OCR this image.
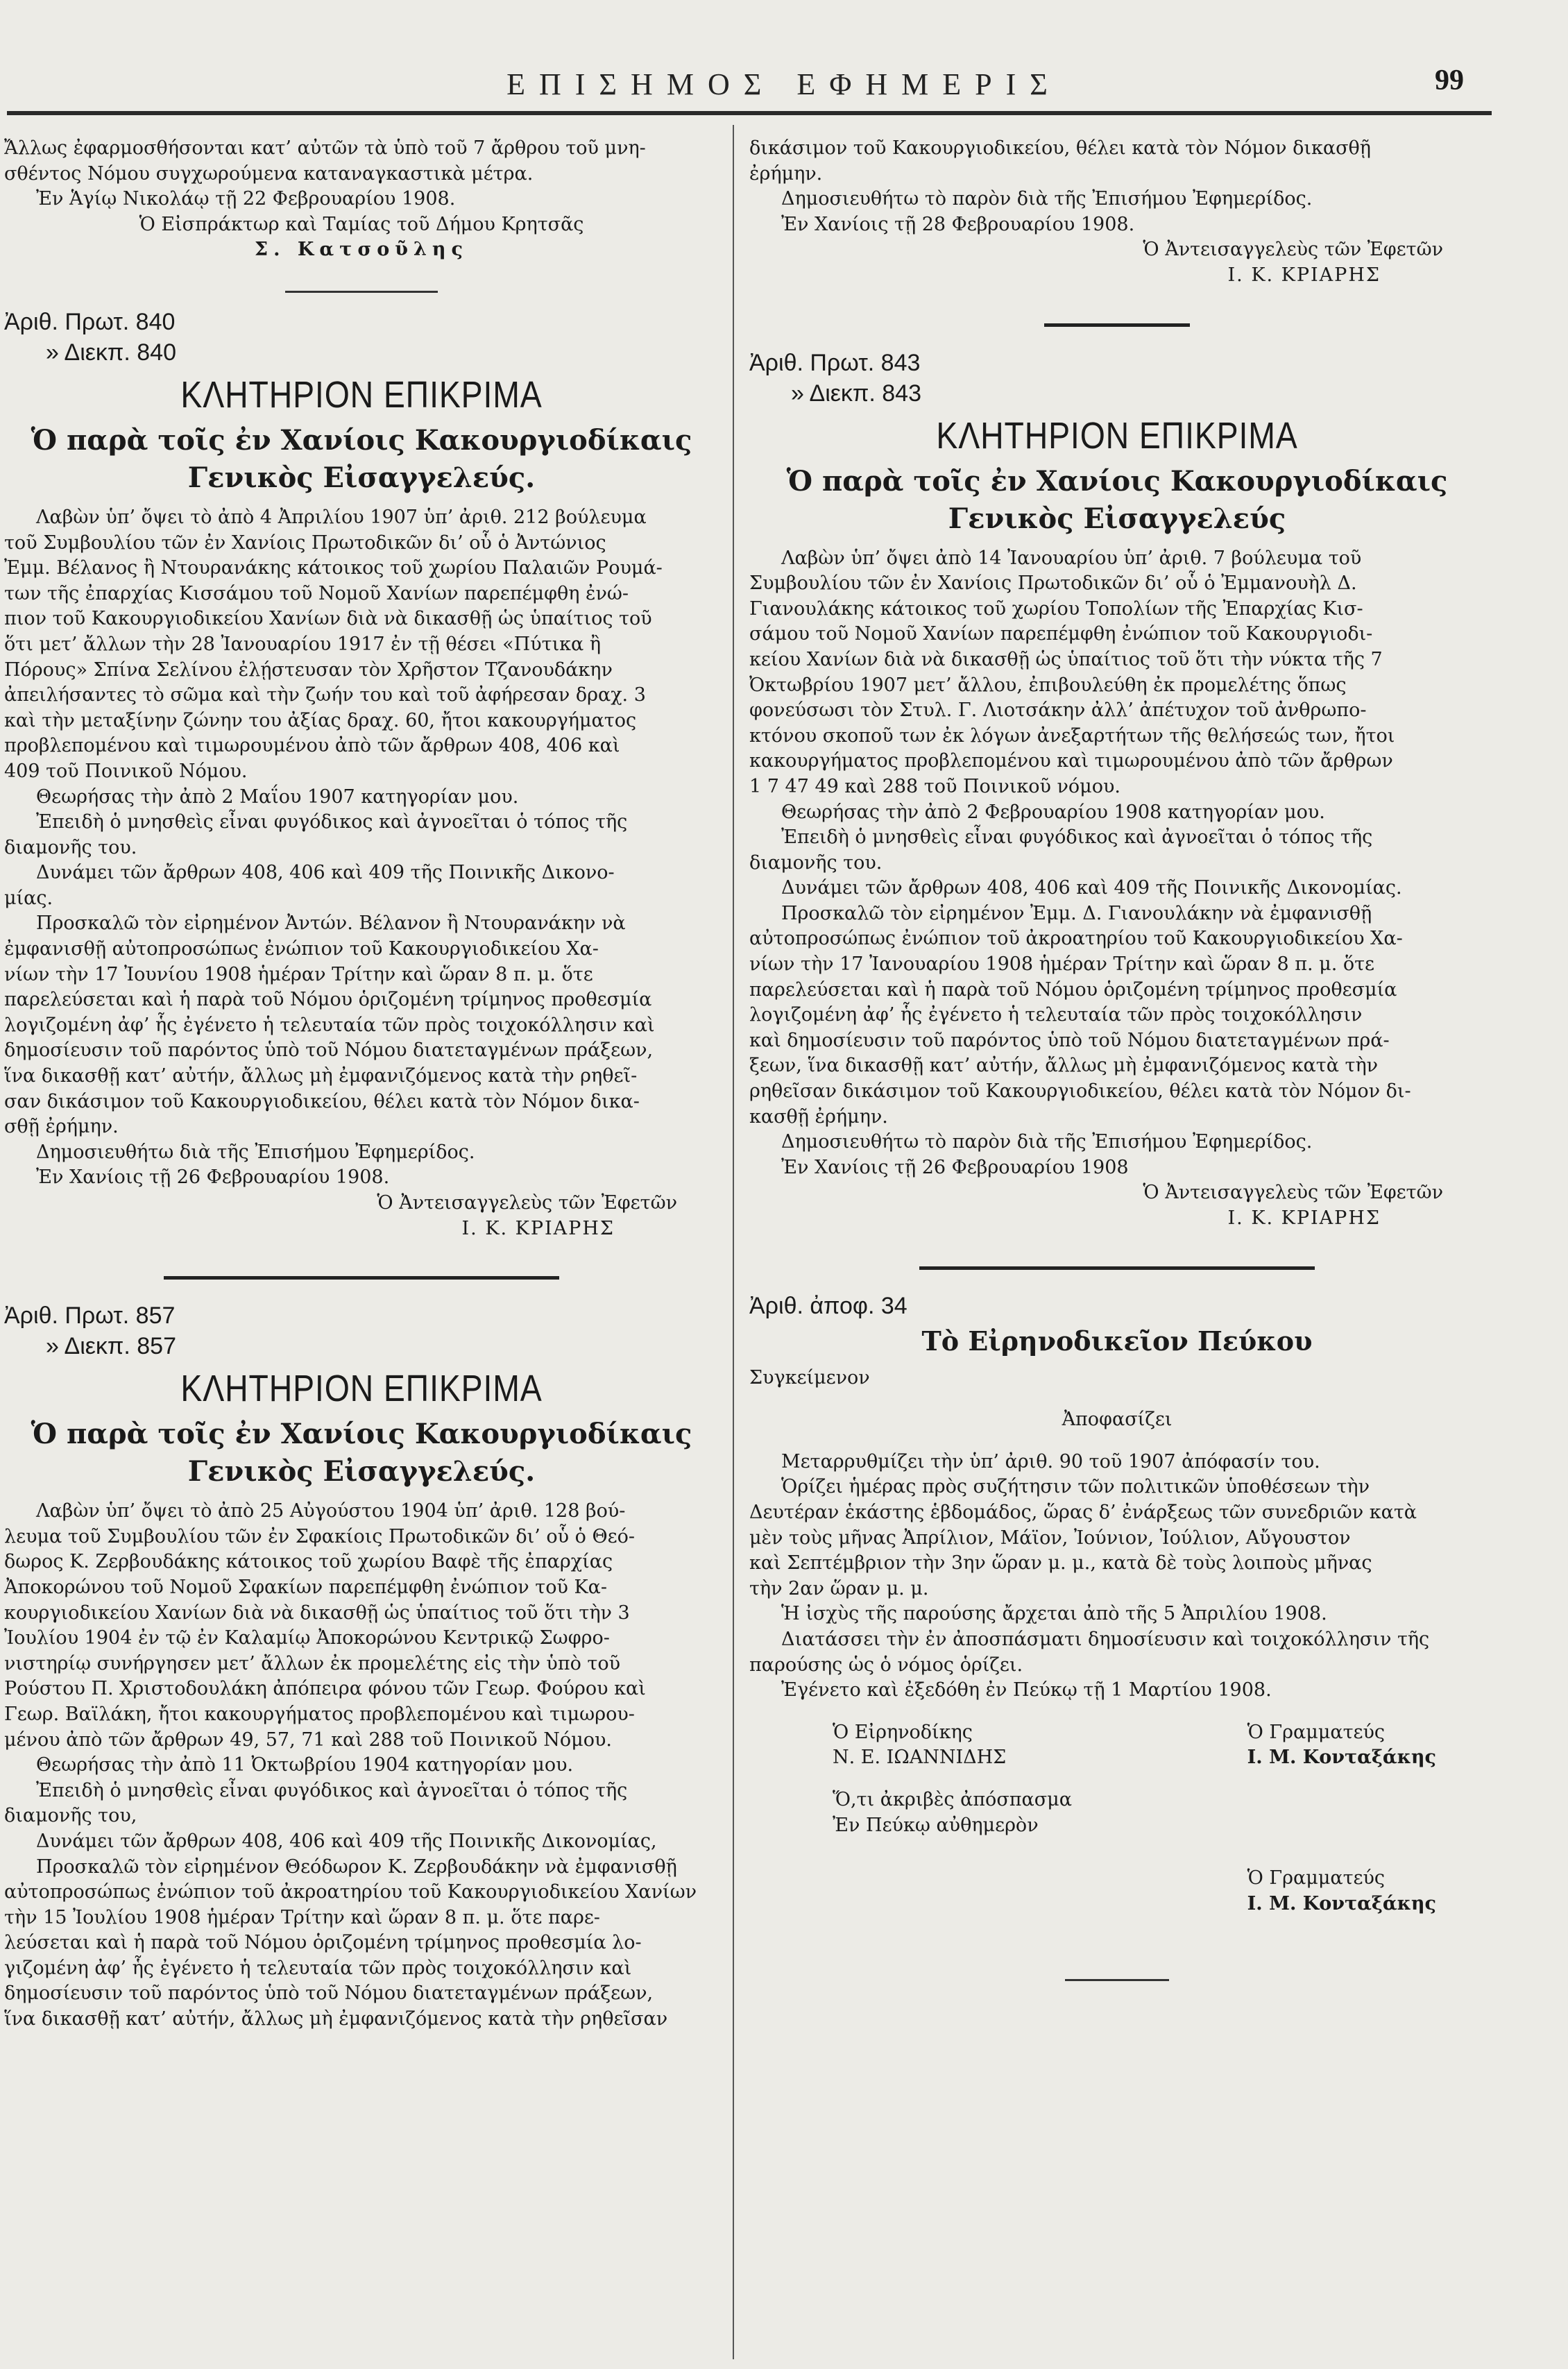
ΕΠΙΣΗΜΟΣ ΕΦΗΜΕΡΙΣ	99

Ἄλλως ἐφαρμοσθήσονται κατ’ αὐτῶν τὰ ὑπὸ τοῦ 7 ἄρθρου τοῦ μνη-

σθέντος Νόμου συγχωρούμενα καταναγκαστικὰ μέτρα.

Ἐν Ἁγίῳ Νικολάῳ τῇ 22 Φεβρουαρίου 1908.

Ὁ Εἰσπράκτωρ καὶ Ταμίας τοῦ Δήμου Κρητσᾶς

Σ. Κατσοῦλης

Ἀριθ. Πρωτ. 840
» Διεκπ. 840
ΚΛΗΤΗΡΙΟΝ ΕΠΙΚΡΙΜΑ
Ὁ παρὰ τοῖς ἐν Χανίοις Κακουργιοδίκαις
Γενικὸς Εἰσαγγελεύς.

Λαβὼν ὑπ’ ὄψει τὸ ἀπὸ 4 Ἀπριλίου 1907 ὑπ’ ἀριθ. 212 βούλευμα

τοῦ Συμβουλίου τῶν ἐν Χανίοις Πρωτοδικῶν δι’ οὗ ὁ Ἀντώνιος

Ἐμμ. Βέλανος ἢ Ντουρανάκης κάτοικος τοῦ χωρίου Παλαιῶν Ρουμά-

των τῆς ἐπαρχίας Κισσάμου τοῦ Νομοῦ Χανίων παρεπέμφθη ἐνώ-

πιον τοῦ Κακουργιοδικείου Χανίων διὰ νὰ δικασθῇ ὡς ὑπαίτιος τοῦ

ὅτι μετ’ ἄλλων τὴν 28 Ἰανουαρίου 1917 ἐν τῇ θέσει «Πύτικα ἢ

Πόρους» Σπίνα Σελίνου ἐλῄστευσαν τὸν Χρῆστον Τζανουδάκην

ἀπειλήσαντες τὸ σῶμα καὶ τὴν ζωήν του καὶ τοῦ ἀφήρεσαν δραχ. 3

καὶ τὴν μεταξίνην ζώνην του ἀξίας δραχ. 60, ἤτοι κακουργήματος

προβλεπομένου καὶ τιμωρουμένου ἀπὸ τῶν ἄρθρων 408, 406 καὶ

409 τοῦ Ποινικοῦ Νόμου.

Θεωρήσας τὴν ἀπὸ 2 Μαΐου 1907 κατηγορίαν μου.

Ἐπειδὴ ὁ μνησθεὶς εἶναι φυγόδικος καὶ ἀγνοεῖται ὁ τόπος τῆς

διαμονῆς του.

Δυνάμει τῶν ἄρθρων 408, 406 καὶ 409 τῆς Ποινικῆς Δικονο-

μίας.

Προσκαλῶ τὸν εἰρημένον Ἀντών. Βέλανον ἢ Ντουρανάκην νὰ

ἐμφανισθῇ αὐτοπροσώπως ἐνώπιον τοῦ Κακουργιοδικείου Χα-

νίων τὴν 17 Ἰουνίου 1908 ἡμέραν Τρίτην καὶ ὥραν 8 π. μ. ὅτε

παρελεύσεται καὶ ἡ παρὰ τοῦ Νόμου ὁριζομένη τρίμηνος προθεσμία

λογιζομένη ἀφ’ ἧς ἐγένετο ἡ τελευταία τῶν πρὸς τοιχοκόλλησιν καὶ

δημοσίευσιν τοῦ παρόντος ὑπὸ τοῦ Νόμου διατεταγμένων πράξεων,

ἵνα δικασθῇ κατ’ αὐτήν, ἄλλως μὴ ἐμφανιζόμενος κατὰ τὴν ρηθεῖ-

σαν δικάσιμον τοῦ Κακουργιοδικείου, θέλει κατὰ τὸν Νόμον δικα-

σθῇ ἐρήμην.

Δημοσιευθήτω διὰ τῆς Ἐπισήμου Ἐφημερίδος.

Ἐν Χανίοις τῇ 26 Φεβρουαρίου 1908.

Ὁ Ἀντεισαγγελεὺς τῶν Ἐφετῶν

Ι. Κ. ΚΡΙΑΡΗΣ

Ἀριθ. Πρωτ. 857
» Διεκπ. 857
ΚΛΗΤΗΡΙΟΝ ΕΠΙΚΡΙΜΑ
Ὁ παρὰ τοῖς ἐν Χανίοις Κακουργιοδίκαις
Γενικὸς Εἰσαγγελεύς.

Λαβὼν ὑπ’ ὄψει τὸ ἀπὸ 25 Αὐγούστου 1904 ὑπ’ ἀριθ. 128 βού-

λευμα τοῦ Συμβουλίου τῶν ἐν Σφακίοις Πρωτοδικῶν δι’ οὗ ὁ Θεό-

δωρος Κ. Ζερβουδάκης κάτοικος τοῦ χωρίου Βαφὲ τῆς ἐπαρχίας

Ἀποκορώνου τοῦ Νομοῦ Σφακίων παρεπέμφθη ἐνώπιον τοῦ Κα-

κουργιοδικείου Χανίων διὰ νὰ δικασθῇ ὡς ὑπαίτιος τοῦ ὅτι τὴν 3

Ἰουλίου 1904 ἐν τῷ ἐν Καλαμίῳ Ἀποκορώνου Κεντρικῷ Σωφρο-

νιστηρίῳ συνήργησεν μετ’ ἄλλων ἐκ προμελέτης εἰς τὴν ὑπὸ τοῦ

Ρούστου Π. Χριστοδουλάκη ἀπόπειρα φόνου τῶν Γεωρ. Φούρου καὶ

Γεωρ. Βαϊλάκη, ἤτοι κακουργήματος προβλεπομένου καὶ τιμωρου-

μένου ἀπὸ τῶν ἄρθρων 49, 57, 71 καὶ 288 τοῦ Ποινικοῦ Νόμου.

Θεωρήσας τὴν ἀπὸ 11 Ὀκτωβρίου 1904 κατηγορίαν μου.

Ἐπειδὴ ὁ μνησθεὶς εἶναι φυγόδικος καὶ ἀγνοεῖται ὁ τόπος τῆς

διαμονῆς του,

Δυνάμει τῶν ἄρθρων 408, 406 καὶ 409 τῆς Ποινικῆς Δικονομίας,

Προσκαλῶ τὸν εἰρημένον Θεόδωρον Κ. Ζερβουδάκην νὰ ἐμφανισθῇ

αὐτοπροσώπως ἐνώπιον τοῦ ἀκροατηρίου τοῦ Κακουργιοδικείου Χανίων

τὴν 15 Ἰουλίου 1908 ἡμέραν Τρίτην καὶ ὥραν 8 π. μ. ὅτε παρε-

λεύσεται καὶ ἡ παρὰ τοῦ Νόμου ὁριζομένη τρίμηνος προθεσμία λο-

γιζομένη ἀφ’ ἧς ἐγένετο ἡ τελευταία τῶν πρὸς τοιχοκόλλησιν καὶ

δημοσίευσιν τοῦ παρόντος ὑπὸ τοῦ Νόμου διατεταγμένων πράξεων,

ἵνα δικασθῇ κατ’ αὐτήν, ἄλλως μὴ ἐμφανιζόμενος κατὰ τὴν ρηθεῖσαν

δικάσιμον τοῦ Κακουργιοδικείου, θέλει κατὰ τὸν Νόμον δικασθῇ

ἐρήμην.

Δημοσιευθήτω τὸ παρὸν διὰ τῆς Ἐπισήμου Ἐφημερίδος.

Ἐν Χανίοις τῇ 28 Φεβρουαρίου 1908.

Ὁ Ἀντεισαγγελεὺς τῶν Ἐφετῶν

Ι. Κ. ΚΡΙΑΡΗΣ

Ἀριθ. Πρωτ. 843
» Διεκπ. 843
ΚΛΗΤΗΡΙΟΝ ΕΠΙΚΡΙΜΑ
Ὁ παρὰ τοῖς ἐν Χανίοις Κακουργιοδίκαις
Γενικὸς Εἰσαγγελεύς

Λαβὼν ὑπ’ ὄψει ἀπὸ 14 Ἰανουαρίου ὑπ’ ἀριθ. 7 βούλευμα τοῦ

Συμβουλίου τῶν ἐν Χανίοις Πρωτοδικῶν δι’ οὗ ὁ Ἐμμανουὴλ Δ.

Γιανουλάκης κάτοικος τοῦ χωρίου Τοπολίων τῆς Ἐπαρχίας Κισ-

σάμου τοῦ Νομοῦ Χανίων παρεπέμφθη ἐνώπιον τοῦ Κακουργιοδι-

κείου Χανίων διὰ νὰ δικασθῇ ὡς ὑπαίτιος τοῦ ὅτι τὴν νύκτα τῆς 7

Ὀκτωβρίου 1907 μετ’ ἄλλου, ἐπιβουλεύθη ἐκ προμελέτης ὅπως

φονεύσωσι τὸν Στυλ. Γ. Λιοτσάκην ἀλλ’ ἀπέτυχον τοῦ ἀνθρωπο-

κτόνου σκοποῦ των ἐκ λόγων ἀνεξαρτήτων τῆς θελήσεώς των, ἤτοι

κακουργήματος προβλεπομένου καὶ τιμωρουμένου ἀπὸ τῶν ἄρθρων

1 7 47 49 καὶ 288 τοῦ Ποινικοῦ νόμου.

Θεωρήσας τὴν ἀπὸ 2 Φεβρουαρίου 1908 κατηγορίαν μου.

Ἐπειδὴ ὁ μνησθεὶς εἶναι φυγόδικος καὶ ἀγνοεῖται ὁ τόπος τῆς

διαμονῆς του.

Δυνάμει τῶν ἄρθρων 408, 406 καὶ 409 τῆς Ποινικῆς Δικονομίας.

Προσκαλῶ τὸν εἰρημένον Ἐμμ. Δ. Γιανουλάκην νὰ ἐμφανισθῇ

αὐτοπροσώπως ἐνώπιον τοῦ ἀκροατηρίου τοῦ Κακουργιοδικείου Χα-

νίων τὴν 17 Ἰανουαρίου 1908 ἡμέραν Τρίτην καὶ ὥραν 8 π. μ. ὅτε

παρελεύσεται καὶ ἡ παρὰ τοῦ Νόμου ὁριζομένη τρίμηνος προθεσμία

λογιζομένη ἀφ’ ἧς ἐγένετο ἡ τελευταία τῶν πρὸς τοιχοκόλλησιν

καὶ δημοσίευσιν τοῦ παρόντος ὑπὸ τοῦ Νόμου διατεταγμένων πρά-

ξεων, ἵνα δικασθῇ κατ’ αὐτήν, ἄλλως μὴ ἐμφανιζόμενος κατὰ τὴν

ρηθεῖσαν δικάσιμον τοῦ Κακουργιοδικείου, θέλει κατὰ τὸν Νόμον δι-

κασθῇ ἐρήμην.

Δημοσιευθήτω τὸ παρὸν διὰ τῆς Ἐπισήμου Ἐφημερίδος.

Ἐν Χανίοις τῇ 26 Φεβρουαρίου 1908

Ὁ Ἀντεισαγγελεὺς τῶν Ἐφετῶν

Ι. Κ. ΚΡΙΑΡΗΣ

Ἀριθ. ἀποφ. 34
Τὸ Εἰρηνοδικεῖον Πεύκου

Συγκείμενον

Ἀποφασίζει

Μεταρρυθμίζει τὴν ὑπ’ ἀριθ. 90 τοῦ 1907 ἀπόφασίν του.

Ὁρίζει ἡμέρας πρὸς συζήτησιν τῶν πολιτικῶν ὑποθέσεων τὴν

Δευτέραν ἑκάστης ἑβδομάδος, ὥρας δ’ ἐνάρξεως τῶν συνεδριῶν κατὰ

μὲν τοὺς μῆνας Ἀπρίλιον, Μάϊον, Ἰούνιον, Ἰούλιον, Αὔγουστον

καὶ Σεπτέμβριον τὴν 3ην ὥραν μ. μ., κατὰ δὲ τοὺς λοιποὺς μῆνας

τὴν 2αν ὥραν μ. μ.

Ἡ ἰσχὺς τῆς παρούσης ἄρχεται ἀπὸ τῆς 5 Ἀπριλίου 1908.

Διατάσσει τὴν ἐν ἀποσπάσματι δημοσίευσιν καὶ τοιχοκόλλησιν τῆς

παρούσης ὡς ὁ νόμος ὁρίζει.

Ἐγένετο καὶ ἐξεδόθη ἐν Πεύκῳ τῇ 1 Μαρτίου 1908.

Ὁ Εἰρηνοδίκης
Ν. Ε. ΙΩΑΝΝΙΔΗΣ
Ὁ Γραμματεύς
Ι. Μ. Κονταξάκης

Ὅ,τι ἀκριβὲς ἀπόσπασμα

Ἐν Πεύκῳ αὐθημερὸν

Ὁ Γραμματεύς
Ι. Μ. Κονταξάκης
